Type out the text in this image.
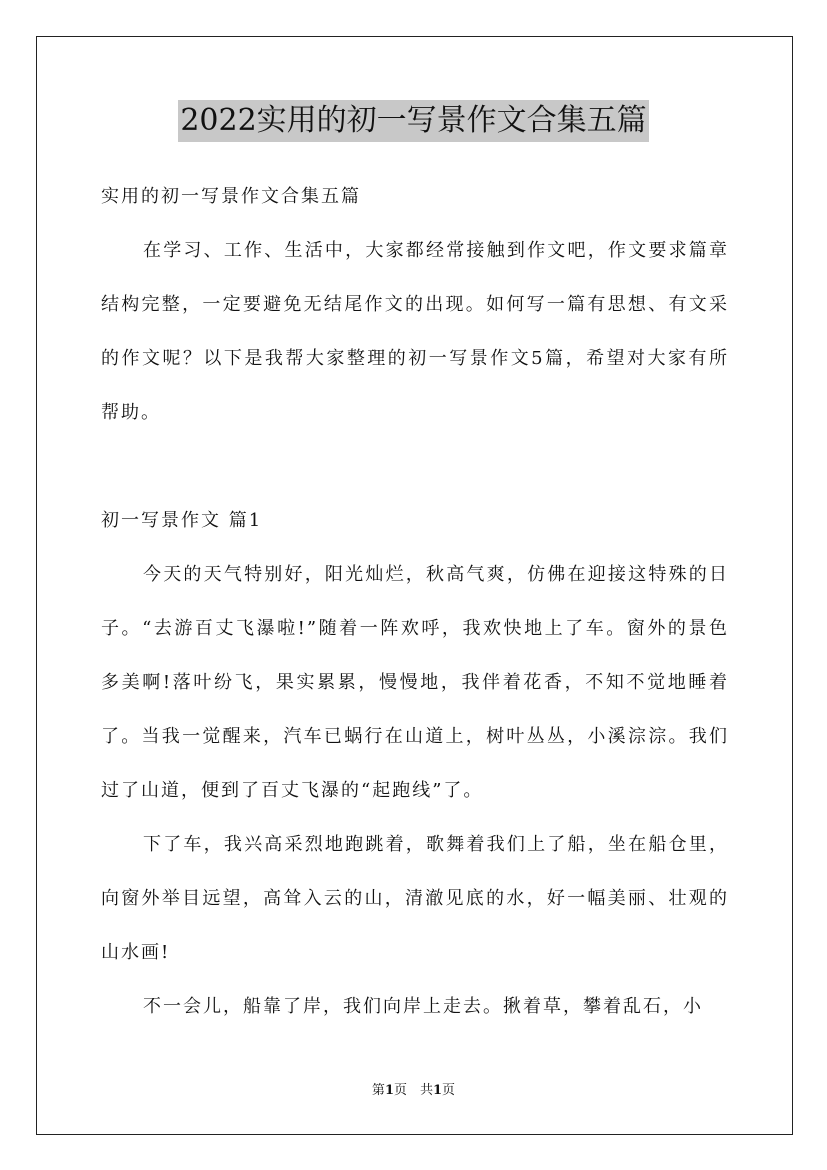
2022实用的初一写景作文合集五篇

实用的初一写景作文合集五篇

在学习、工作、生活中，大家都经常接触到作文吧，作文要求篇章结构完整，一定要避免无结尾作文的出现。如何写一篇有思想、有文采的作文呢？以下是我帮大家整理的初一写景作文5篇，希望对大家有所帮助。

初一写景作文 篇1

今天的天气特别好，阳光灿烂，秋高气爽，仿佛在迎接这特殊的日子。“去游百丈飞瀑啦!”随着一阵欢呼，我欢快地上了车。窗外的景色多美啊!落叶纷飞，果实累累，慢慢地，我伴着花香，不知不觉地睡着了。当我一觉醒来，汽车已蜗行在山道上，树叶丛丛，小溪淙淙。我们过了山道，便到了百丈飞瀑的“起跑线”了。

下了车，我兴高采烈地跑跳着，歌舞着我们上了船，坐在船仓里，向窗外举目远望，高耸入云的山，清澈见底的水，好一幅美丽、壮观的山水画!

不一会儿，船靠了岸，我们向岸上走去。揪着草，攀着乱石，小

第1页　共1页
